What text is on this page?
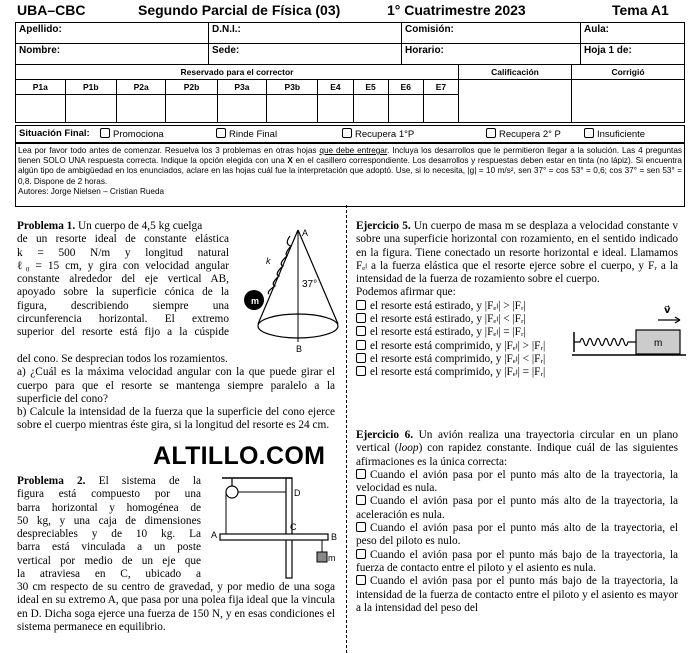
UBA–CBC	Segundo Parcial de Física (03)	1° Cuatrimestre 2023	Tema A1
Apellido:	D.N.I.:	Comisión:	Aula:
Nombre:	Sede:	Horario:	Hoja 1 de:
Reservado para el corrector										Calificación	Corrigió
P1a	P1b	P2a	P2b	P3a	P3b	E4	E5	E6	E7		

Situación Final:	Promociona	Rinde Final	Recupera 1°P	Recupera 2° P	Insuficiente
Lea por favor todo antes de comenzar. Resuelva los 3 problemas en otras hojas que debe entregar. Incluya los desarrollos que le permitieron llegar a la solución. Las 4 preguntas tienen SOLO UNA respuesta correcta. Indique la opción elegida con una X en el casillero correspondiente. Los desarrollos y respuestas deben estar en tinta (no lápiz). Si encuentra algún tipo de ambigüedad en los enunciados, aclare en las hojas cuál fue la interpretación que adoptó. Use, si lo necesita, |g| = 10 m/s², sen 37° = cos 53° = 0,6; cos 37° = sen 53° = 0,8. Dispone de 2 horas.
Autores: Jorge Nielsen – Cristian Rueda

Problema 1. Un cuerpo de 4,5 kg cuelga

de un resorte ideal de constante elástica

k = 500 N/m y longitud natural

ℓ₀ = 15 cm, y gira con velocidad angular

constante alrededor del eje vertical AB,

apoyado sobre la superficie cónica de la

figura, describiendo siempre una

circunferencia horizontal. El extremo

superior del resorte está fijo a la cúspide

del cono. Se desprecian todos los rozamientos.

a) ¿Cuál es la máxima velocidad angular con la que puede girar el cuerpo para que el resorte se mantenga siempre paralelo a la superficie del cono?

b) Calcule la intensidad de la fuerza que la superficie del cono ejerce sobre el cuerpo mientras éste gira, si la longitud del resorte es 24 cm.

m
A
B
k
37°
ALTILLO.COM

Problema 2. El sistema de la

figura está compuesto por una

barra horizontal y homogénea de

50 kg, y una caja de dimensiones

despreciables y de 10 kg. La

barra está vinculada a un poste

vertical por medio de un eje que

la atraviesa en C, ubicado a

30 cm respecto de su centro de gravedad, y por medio de una soga ideal en su extremo A, que pasa por una polea fija ideal que la vincula en D. Dicha soga ejerce una fuerza de 150 N, y en esas condiciones el sistema permanece en equilibrio.

A	B
C
D
m

Ejercicio 5. Un cuerpo de masa m se desplaza a velocidad constante v sobre una superficie horizontal con rozamiento, en el sentido indicado en la figura. Tiene conectado un resorte horizontal e ideal. Llamamos Fₑₗ a la fuerza elástica que el resorte ejerce sobre el cuerpo, y Fᵣ a la intensidad de la fuerza de rozamiento sobre el cuerpo.

Podemos afirmar que:

el resorte está estirado, y |Fₑₗ| > |Fᵣ|
el resorte está estirado, y |Fₑₗ| < |Fᵣ|
el resorte está estirado, y |Fₑₗ| = |Fᵣ|
el resorte está comprimido, y |Fₑₗ| > |Fᵣ|
el resorte está comprimido, y |Fₑₗ| < |Fᵣ|
el resorte está comprimido, y |Fₑₗ| = |Fᵣ|
v⃗
m

Ejercicio 6. Un avión realiza una trayectoria circular en un plano vertical (loop) con rapidez constante. Indique cuál de las siguientes afirmaciones es la única correcta:

Cuando el avión pasa por el punto más alto de la trayectoria, la velocidad es nula.

Cuando el avión pasa por el punto más alto de la trayectoria, la aceleración es nula.

Cuando el avión pasa por el punto más alto de la trayectoria, el peso del piloto es nulo.

Cuando el avión pasa por el punto más bajo de la trayectoria, la fuerza de contacto entre el piloto y el asiento es nula.

Cuando el avión pasa por el punto más bajo de la trayectoria, la intensidad de la fuerza de contacto entre el piloto y el asiento es mayor a la intensidad del peso del
